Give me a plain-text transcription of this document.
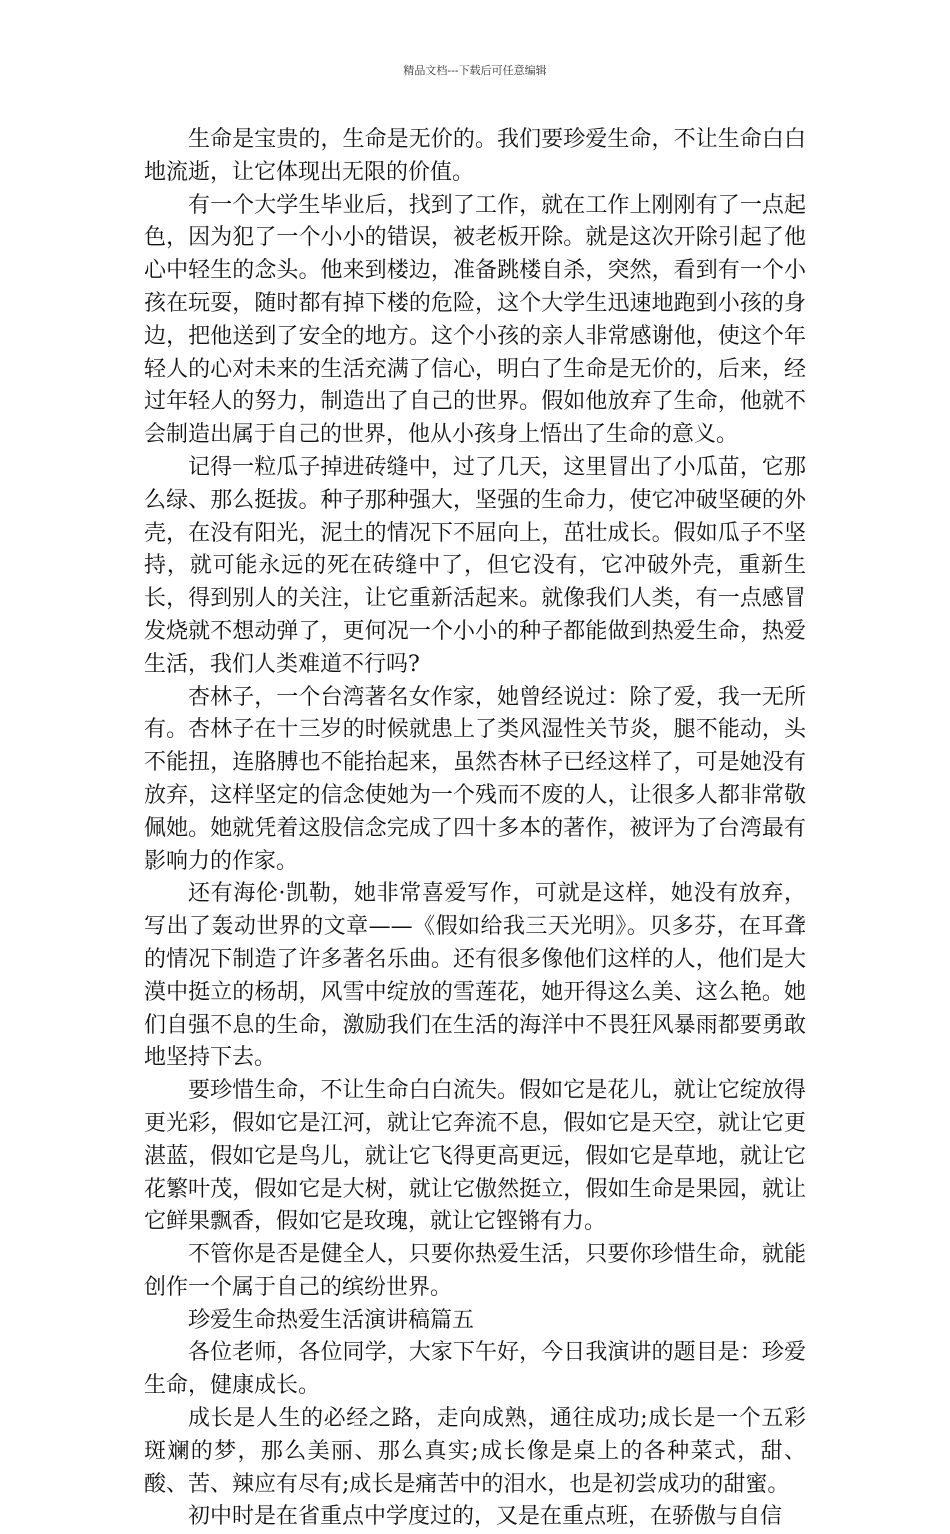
精品文档---下载后可任意编辑

生命是宝贵的，生命是无价的。我们要珍爱生命，不让生命白白地流逝，让它体现出无限的价值。

有一个大学生毕业后，找到了工作，就在工作上刚刚有了一点起色，因为犯了一个小小的错误，被老板开除。就是这次开除引起了他心中轻生的念头。他来到楼边，准备跳楼自杀，突然，看到有一个小孩在玩耍，随时都有掉下楼的危险，这个大学生迅速地跑到小孩的身边，把他送到了安全的地方。这个小孩的亲人非常感谢他，使这个年轻人的心对未来的生活充满了信心，明白了生命是无价的，后来，经过年轻人的努力，制造出了自己的世界。假如他放弃了生命，他就不会制造出属于自己的世界，他从小孩身上悟出了生命的意义。

记得一粒瓜子掉进砖缝中，过了几天，这里冒出了小瓜苗，它那么绿、那么挺拔。种子那种强大，坚强的生命力，使它冲破坚硬的外壳，在没有阳光，泥土的情况下不屈向上，茁壮成长。假如瓜子不坚持，就可能永远的死在砖缝中了，但它没有，它冲破外壳，重新生长，得到别人的关注，让它重新活起来。就像我们人类，有一点感冒发烧就不想动弹了，更何况一个小小的种子都能做到热爱生命，热爱生活，我们人类难道不行吗?

杏林子，一个台湾著名女作家，她曾经说过：除了爱，我一无所有。杏林子在十三岁的时候就患上了类风湿性关节炎，腿不能动，头不能扭，连胳膊也不能抬起来，虽然杏林子已经这样了，可是她没有放弃，这样坚定的信念使她为一个残而不废的人，让很多人都非常敬佩她。她就凭着这股信念完成了四十多本的著作，被评为了台湾最有影响力的作家。

还有海伦·凯勒，她非常喜爱写作，可就是这样，她没有放弃，写出了轰动世界的文章——《假如给我三天光明》。贝多芬，在耳聋的情况下制造了许多著名乐曲。还有很多像他们这样的人，他们是大漠中挺立的杨胡，风雪中绽放的雪莲花，她开得这么美、这么艳。她们自强不息的生命，激励我们在生活的海洋中不畏狂风暴雨都要勇敢地坚持下去。

要珍惜生命，不让生命白白流失。假如它是花儿，就让它绽放得更光彩，假如它是江河，就让它奔流不息，假如它是天空，就让它更湛蓝，假如它是鸟儿，就让它飞得更高更远，假如它是草地，就让它花繁叶茂，假如它是大树，就让它傲然挺立，假如生命是果园，就让它鲜果飘香，假如它是玫瑰，就让它铿锵有力。

不管你是否是健全人，只要你热爱生活，只要你珍惜生命，就能创作一个属于自己的缤纷世界。

珍爱生命热爱生活演讲稿篇五

各位老师，各位同学，大家下午好，今日我演讲的题目是：珍爱生命，健康成长。

成长是人生的必经之路，走向成熟，通往成功;成长是一个五彩斑斓的梦，那么美丽、那么真实;成长像是桌上的各种菜式，甜、酸、苦、辣应有尽有;成长是痛苦中的泪水，也是初尝成功的甜蜜。

初中时是在省重点中学度过的，又是在重点班，在骄傲与自信
